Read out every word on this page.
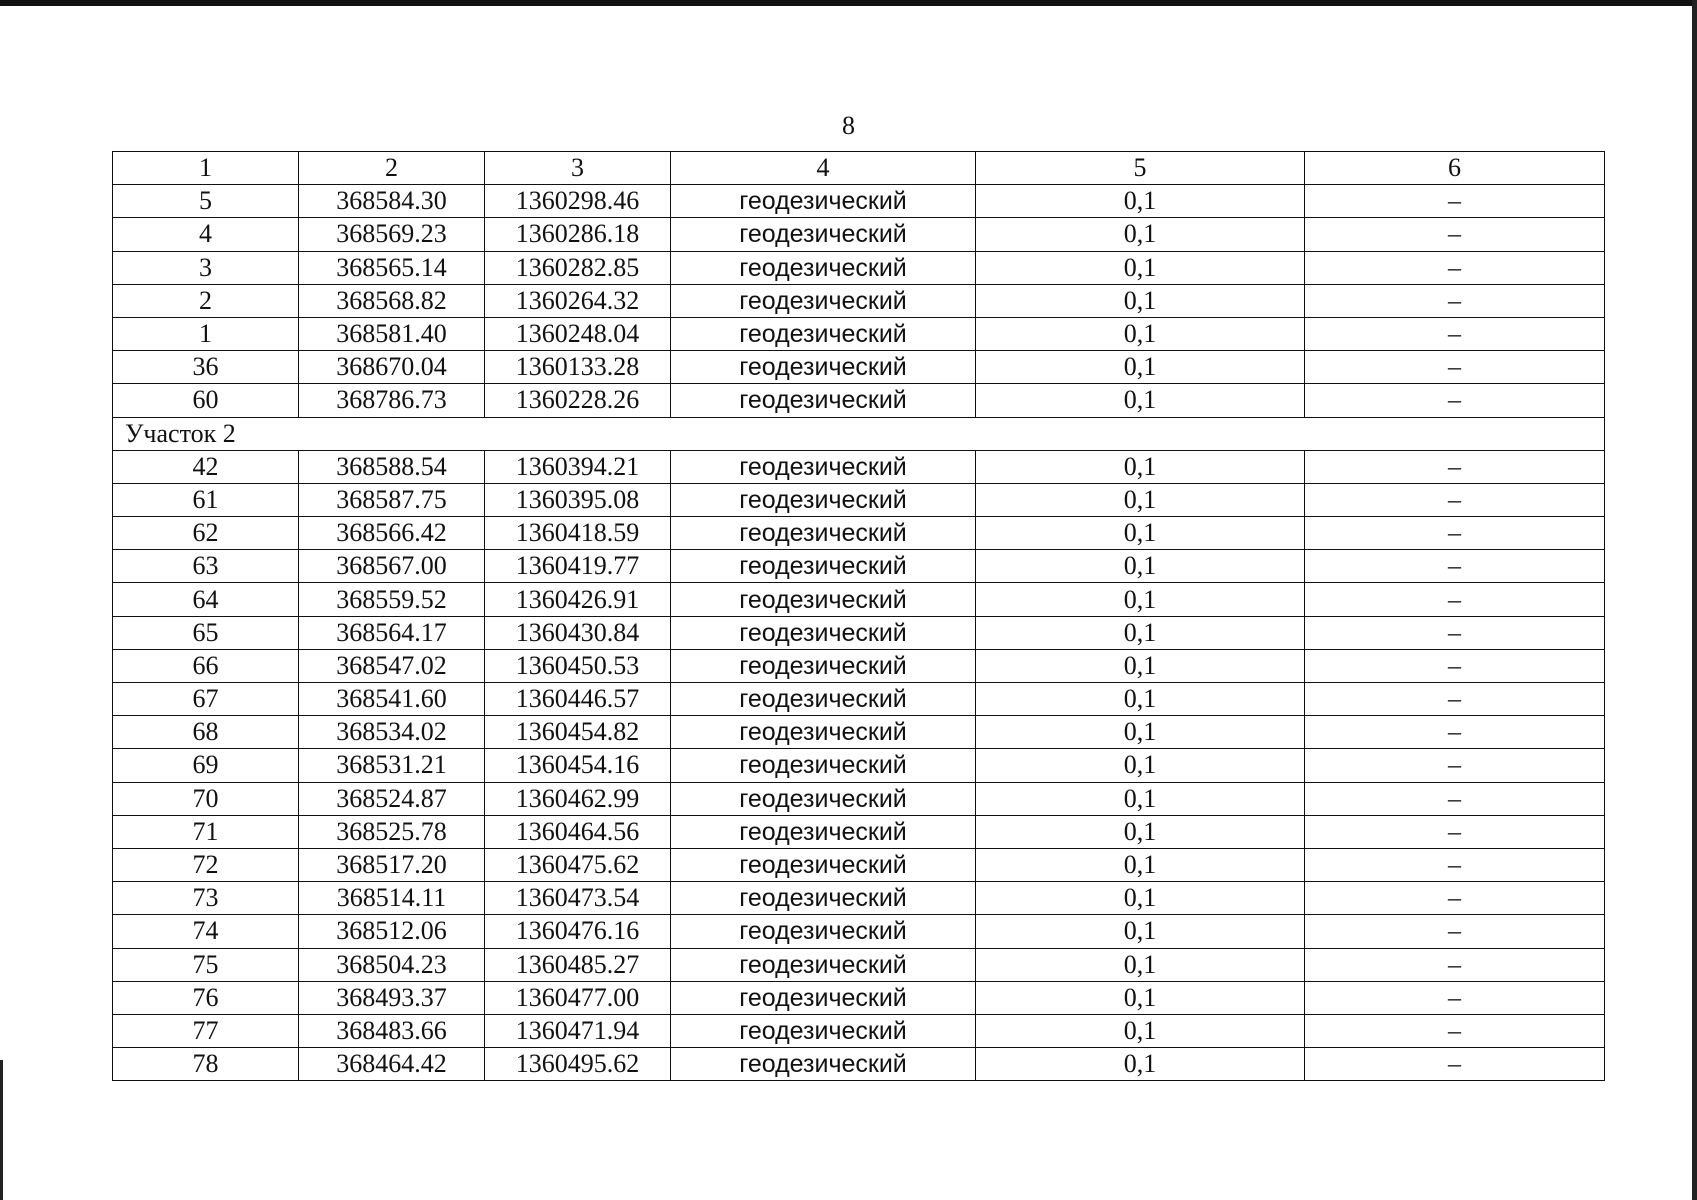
8
1	2	3	4	5	6
5	368584.30	1360298.46	геодезический	0,1	–
4	368569.23	1360286.18	геодезический	0,1	–
3	368565.14	1360282.85	геодезический	0,1	–
2	368568.82	1360264.32	геодезический	0,1	–
1	368581.40	1360248.04	геодезический	0,1	–
36	368670.04	1360133.28	геодезический	0,1	–
60	368786.73	1360228.26	геодезический	0,1	–
Участок 2					
42	368588.54	1360394.21	геодезический	0,1	–
61	368587.75	1360395.08	геодезический	0,1	–
62	368566.42	1360418.59	геодезический	0,1	–
63	368567.00	1360419.77	геодезический	0,1	–
64	368559.52	1360426.91	геодезический	0,1	–
65	368564.17	1360430.84	геодезический	0,1	–
66	368547.02	1360450.53	геодезический	0,1	–
67	368541.60	1360446.57	геодезический	0,1	–
68	368534.02	1360454.82	геодезический	0,1	–
69	368531.21	1360454.16	геодезический	0,1	–
70	368524.87	1360462.99	геодезический	0,1	–
71	368525.78	1360464.56	геодезический	0,1	–
72	368517.20	1360475.62	геодезический	0,1	–
73	368514.11	1360473.54	геодезический	0,1	–
74	368512.06	1360476.16	геодезический	0,1	–
75	368504.23	1360485.27	геодезический	0,1	–
76	368493.37	1360477.00	геодезический	0,1	–
77	368483.66	1360471.94	геодезический	0,1	–
78	368464.42	1360495.62	геодезический	0,1	–
